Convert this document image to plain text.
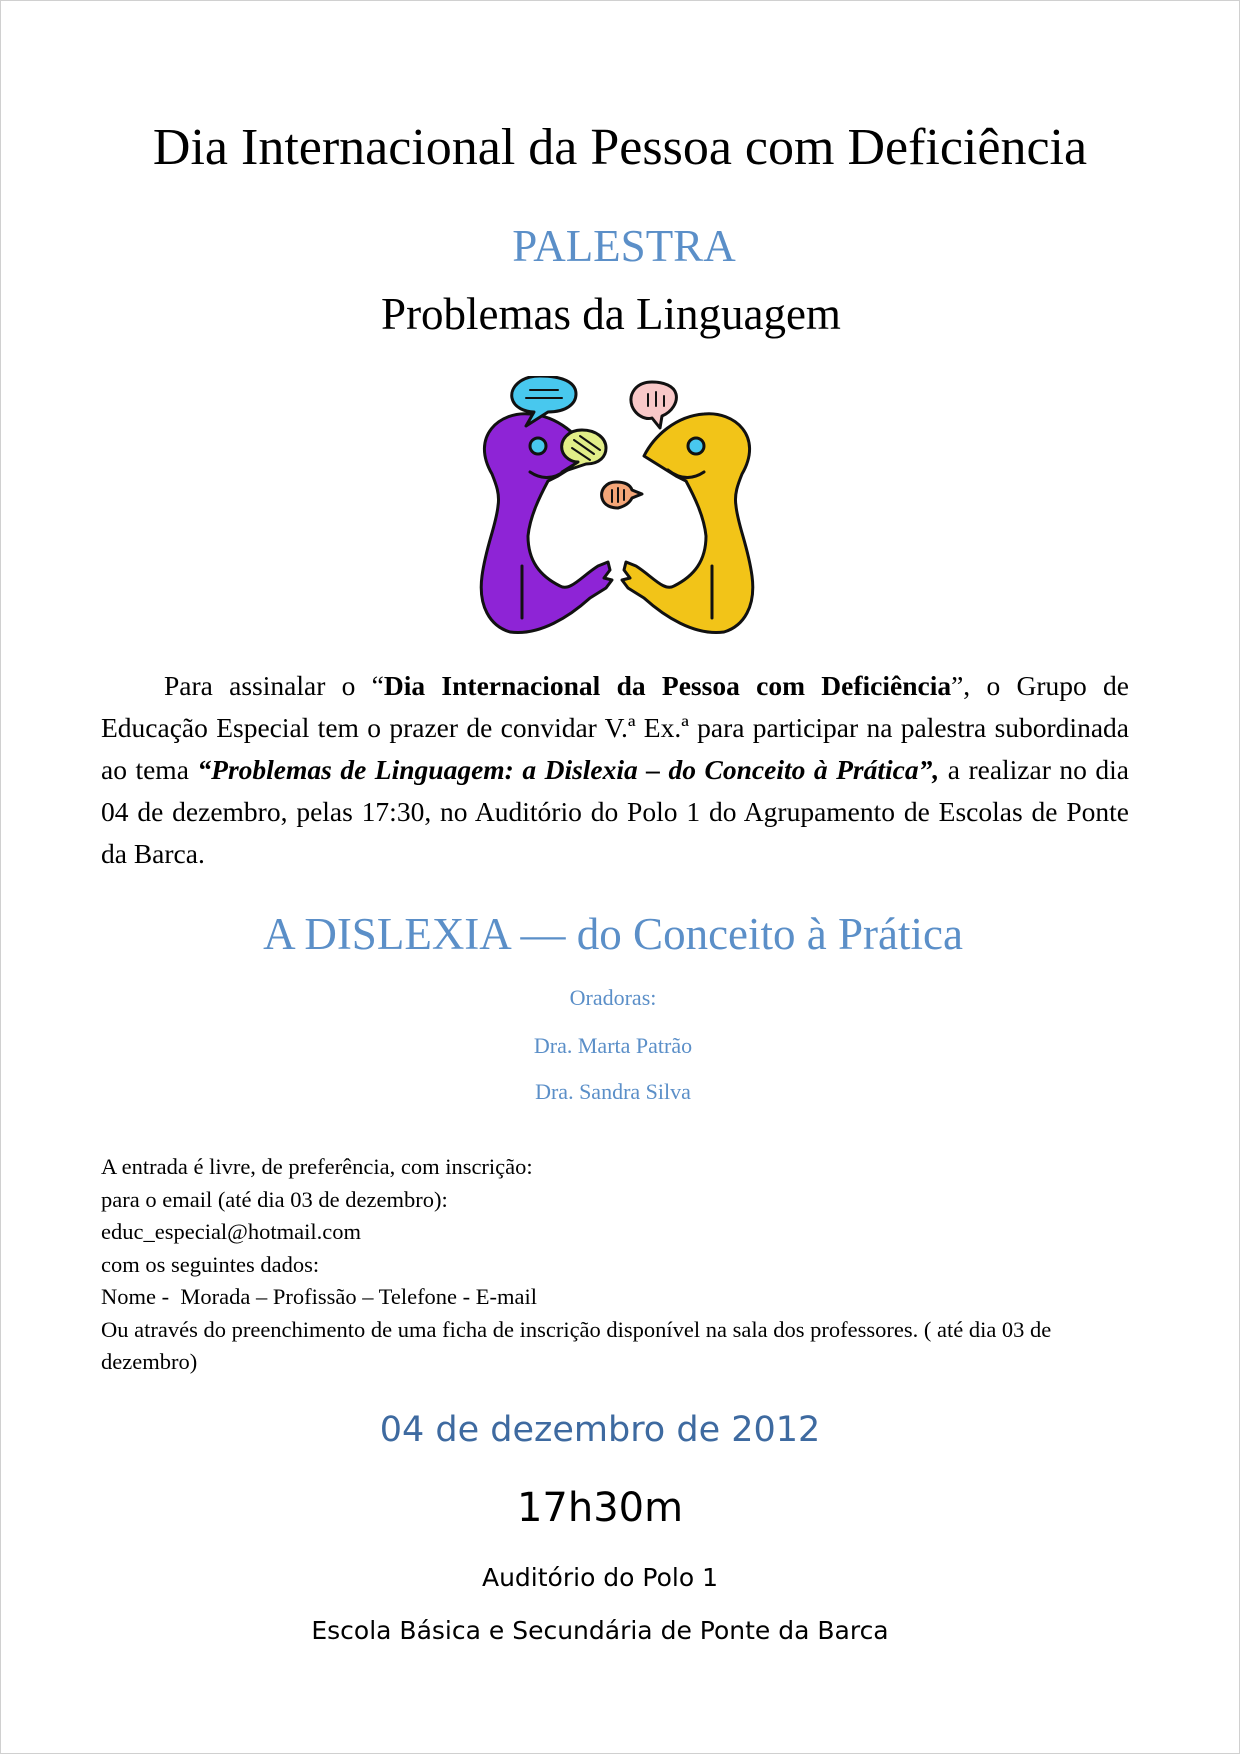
Dia Internacional da Pessoa com Deficiência
PALESTRA
Problemas da Linguagem

Para assinalar o “Dia Internacional da Pessoa com Deficiência”, o Grupo de Educação Especial tem o prazer de convidar V.ª Ex.ª para participar na palestra subordinada ao tema “Problemas de Linguagem: a Dislexia – do Conceito à Prática”, a realizar no dia 04 de dezembro, pelas 17:30, no Auditório do Polo 1 do Agrupamento de Escolas de Ponte da Barca.

A DISLEXIA — do Conceito à Prática
Oradoras:
Dra. Marta Patrão
Dra. Sandra Silva
A entrada é livre, de preferência, com inscrição:
para o email (até dia 03 de dezembro):
educ_especial@hotmail.com
com os seguintes dados:
Nome -  Morada – Profissão – Telefone - E-mail
Ou através do preenchimento de uma ficha de inscrição disponível na sala dos professores. ( até dia 03 de dezembro)
04 de dezembro de 2012
17h30m
Auditório do Polo 1
Escola Básica e Secundária de Ponte da Barca
